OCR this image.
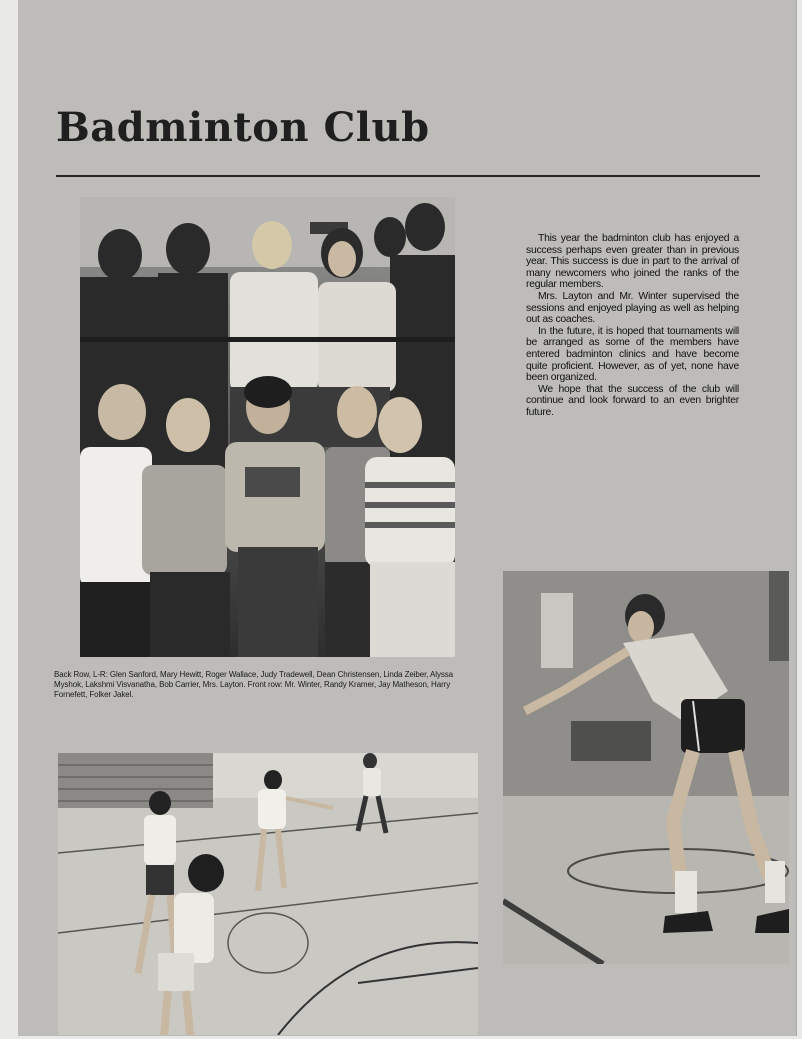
Badminton Club
Back Row, L-R: Glen Sanford, Mary Hewitt, Roger Wallace, Judy Tradewell, Dean Christensen, Linda Zeiber, Alyssa Myshok, Lakshmi Visvanatha, Bob Carrier, Mrs. Layton. Front row: Mr. Winter, Randy Kramer, Jay Matheson, Harry Fornefett, Folker Jakel.

This year the badminton club has enjoyed a success perhaps even greater than in previous year. This success is due in part to the arrival of many newcomers who joined the ranks of the regular members.

Mrs. Layton and Mr. Winter supervised the sessions and enjoyed playing as well as helping out as coaches.

In the future, it is hoped that tournaments will be arranged as some of the members have entered badminton clinics and have become quite proficient. However, as of yet, none have been organized.

We hope that the success of the club will continue and look forward to an even brighter future.
